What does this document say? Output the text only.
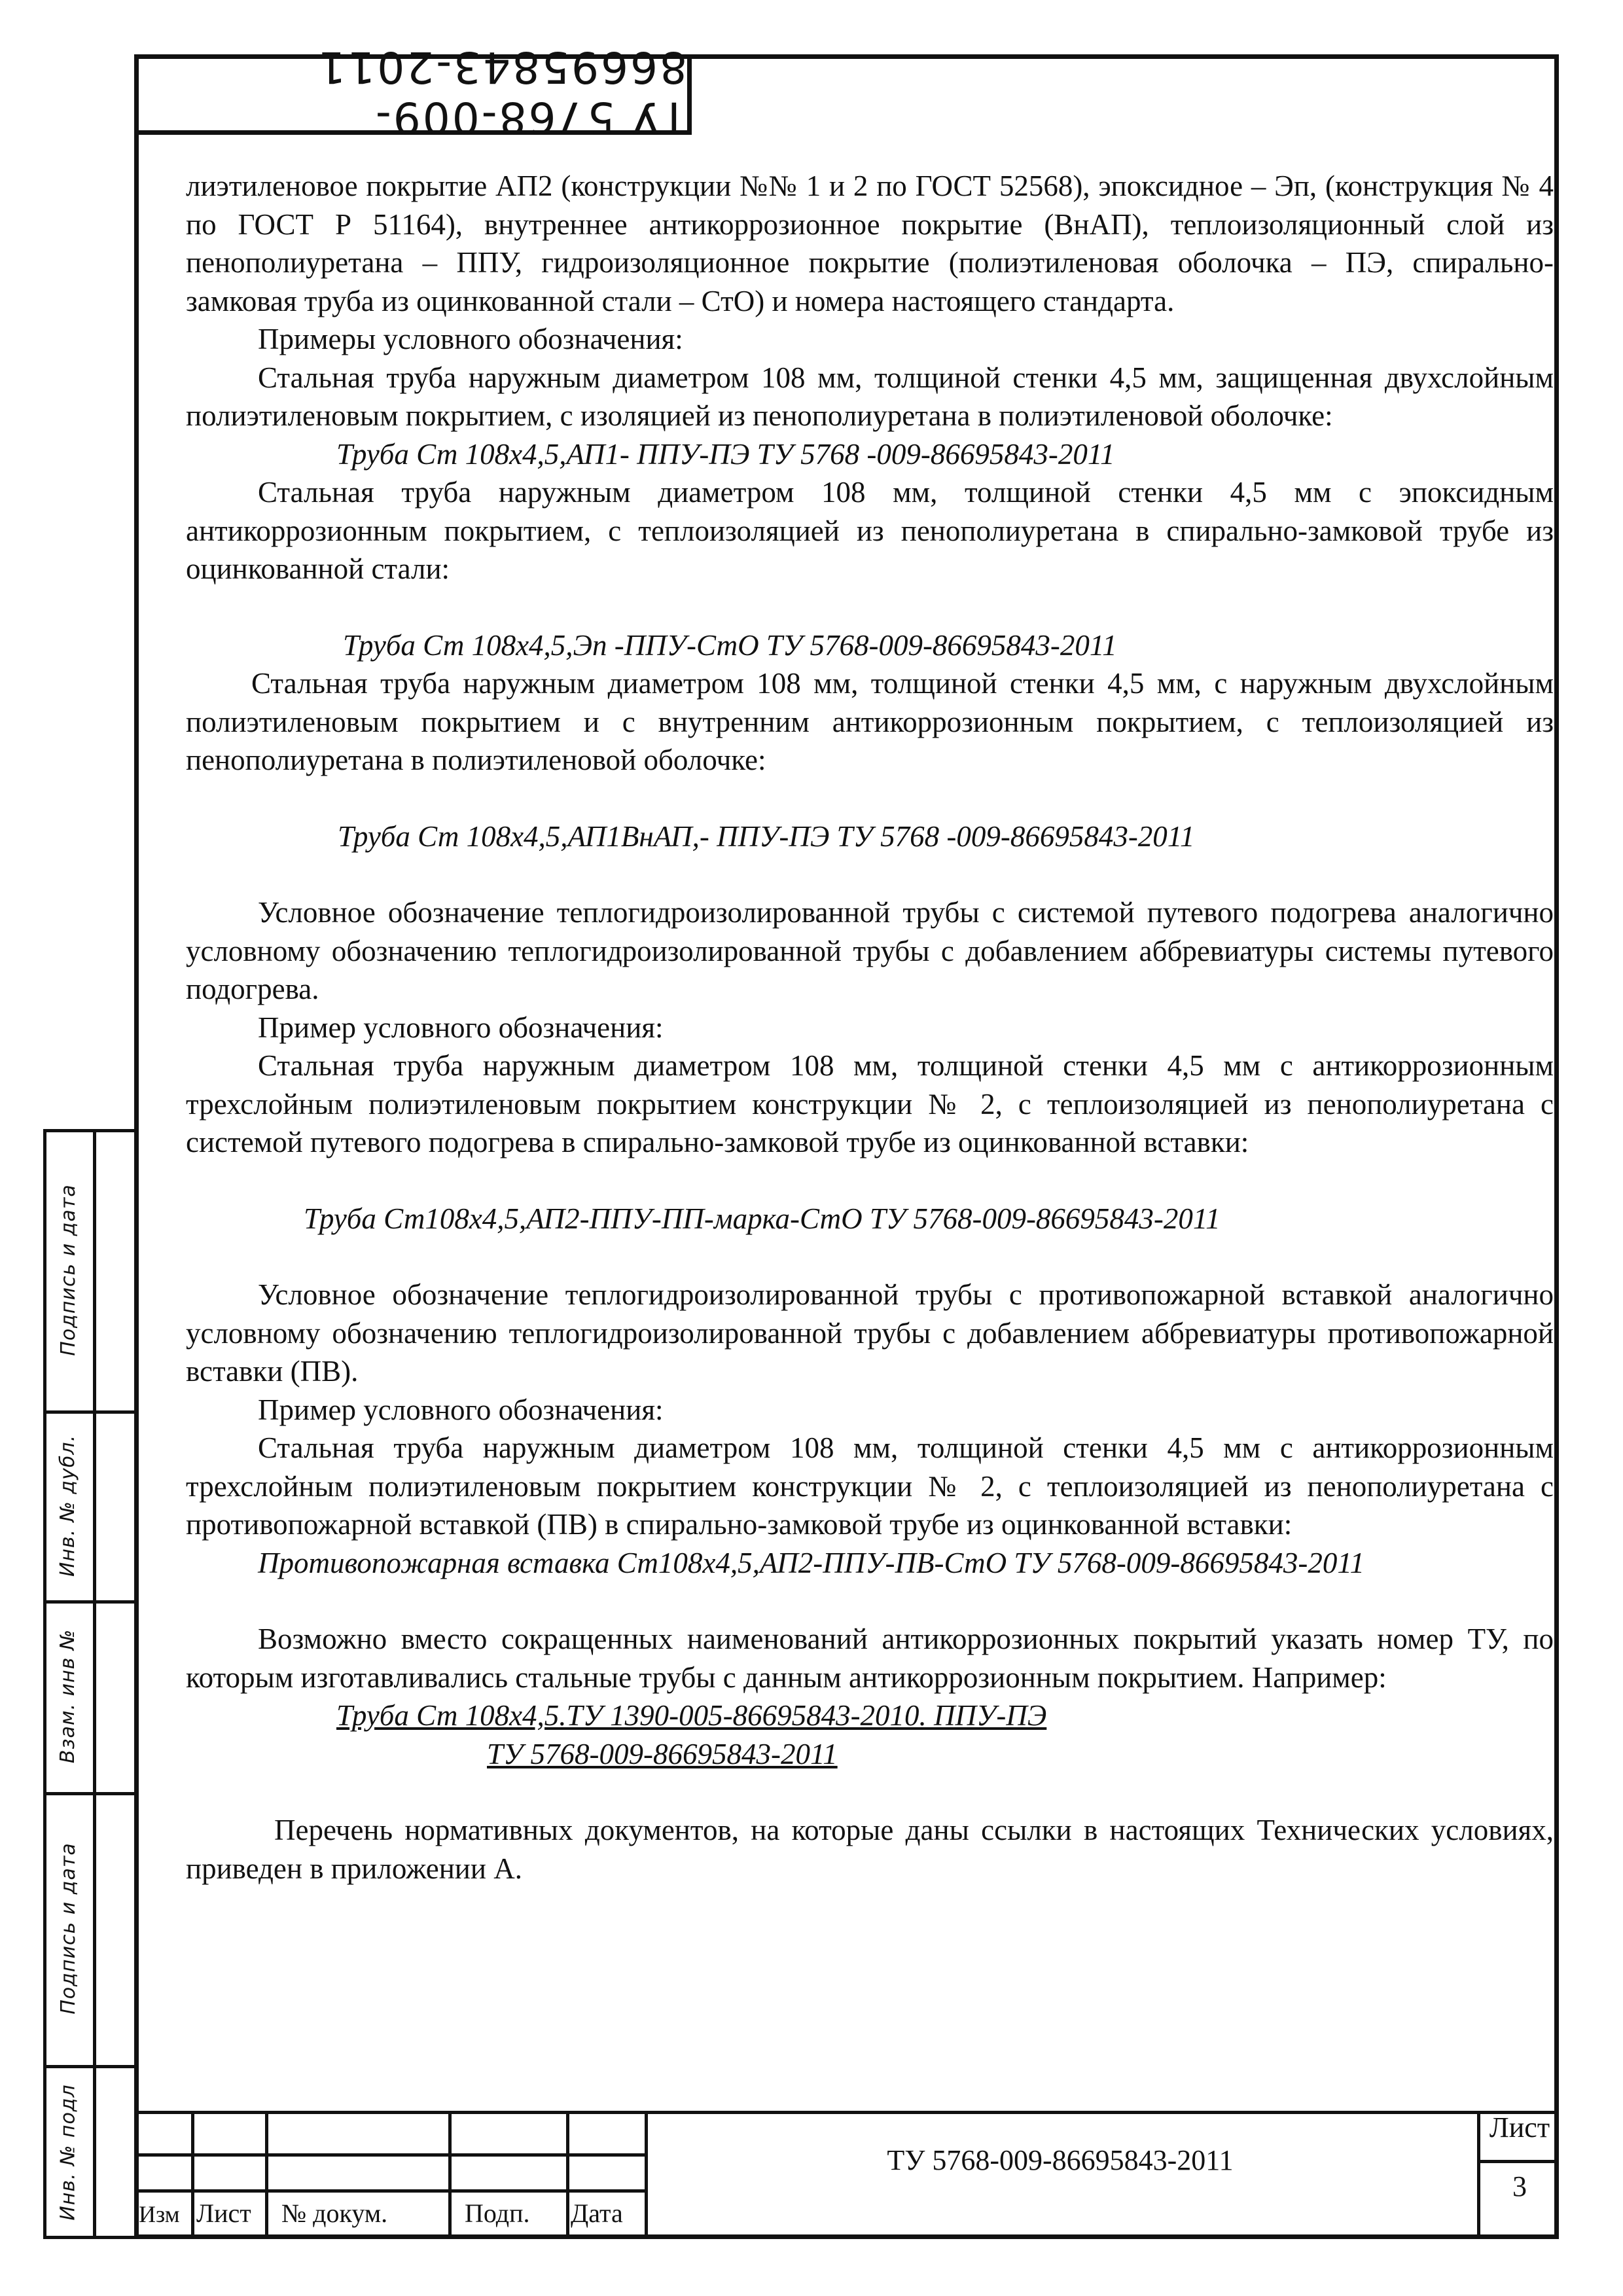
ТУ 5768-009-86695843-2011

лиэтиленовое покрытие АП2 (конструкции №№ 1 и 2 по ГОСТ 52568), эпоксидное – Эп, (конструкция № 4 по ГОСТ Р 51164), внутреннее антикоррозионное покрытие (ВнАП), теплоизоляционный слой из пенополиуретана – ППУ, гидроизоляционное покрытие (полиэтиленовая оболочка – ПЭ, спирально-замковая труба из оцинкованной стали – СтО) и номера настоящего стандарта.

Примеры условного обозначения:

Стальная труба наружным диаметром 108 мм, толщиной стенки 4,5 мм, защищенная двухслойным полиэтиленовым покрытием, с изоляцией из пенополиуретана в полиэтиленовой оболочке:

Труба Ст 108х4,5,АП1- ППУ-ПЭ ТУ 5768 -009-86695843-2011

Стальная труба наружным диаметром 108 мм, толщиной стенки 4,5 мм с эпоксидным антикоррозионным покрытием, с теплоизоляцией из пенополиуретана в спирально-замковой трубе из оцинкованной стали:

Труба Ст 108х4,5,Эп -ППУ-СтО ТУ 5768-009-86695843-2011

Стальная труба наружным диаметром 108 мм, толщиной стенки 4,5 мм, с наружным двухслойным полиэтиленовым покрытием и с внутренним антикоррозионным покрытием, с теплоизоляцией из пенополиуретана в полиэтиленовой оболочке:

Труба Ст 108х4,5,АП1ВнАП,- ППУ-ПЭ ТУ 5768 -009-86695843-2011

Условное обозначение теплогидроизолированной трубы с системой путевого подогрева аналогично условному обозначению теплогидроизолированной трубы с добавлением аббревиатуры системы путевого подогрева.

Пример условного обозначения:

Стальная труба наружным диаметром 108 мм, толщиной стенки 4,5 мм с антикоррозионным трехслойным полиэтиленовым покрытием конструкции № 2, с теплоизоляцией из пенополиуретана с системой путевого подогрева в спирально-замковой трубе из оцинкованной вставки:

Труба Ст108х4,5,АП2-ППУ-ПП-марка-СтО ТУ 5768-009-86695843-2011

Условное обозначение теплогидроизолированной трубы с противопожарной вставкой аналогично условному обозначению теплогидроизолированной трубы с добавлением аббревиатуры противопожарной вставки (ПВ).

Пример условного обозначения:

Стальная труба наружным диаметром 108 мм, толщиной стенки 4,5 мм с антикоррозионным трехслойным полиэтиленовым покрытием конструкции № 2, с теплоизоляцией из пенополиуретана с противопожарной вставкой (ПВ) в спирально-замковой трубе из оцинкованной вставки:

Противопожарная вставка Ст108х4,5,АП2-ППУ-ПВ-СтО ТУ 5768-009-86695843-2011

Возможно вместо сокращенных наименований антикоррозионных покрытий указать номер ТУ, по которым изготавливались стальные трубы с данным антикоррозионным покрытием. Например:

Труба Ст 108х4,5.ТУ 1390-005-86695843-2010. ППУ-ПЭ

ТУ 5768-009-86695843-2011

Перечень нормативных документов, на которые даны ссылки в настоящих Технических условиях, приведен в приложении А.

Подпись и дата
Инв. № дубл.
Взам. инв №
Подпись и дата
Инв. № подл	Изм Лист № докум.	Подп. Дата
ТУ 5768-009-86695843-2011
Лист
3
